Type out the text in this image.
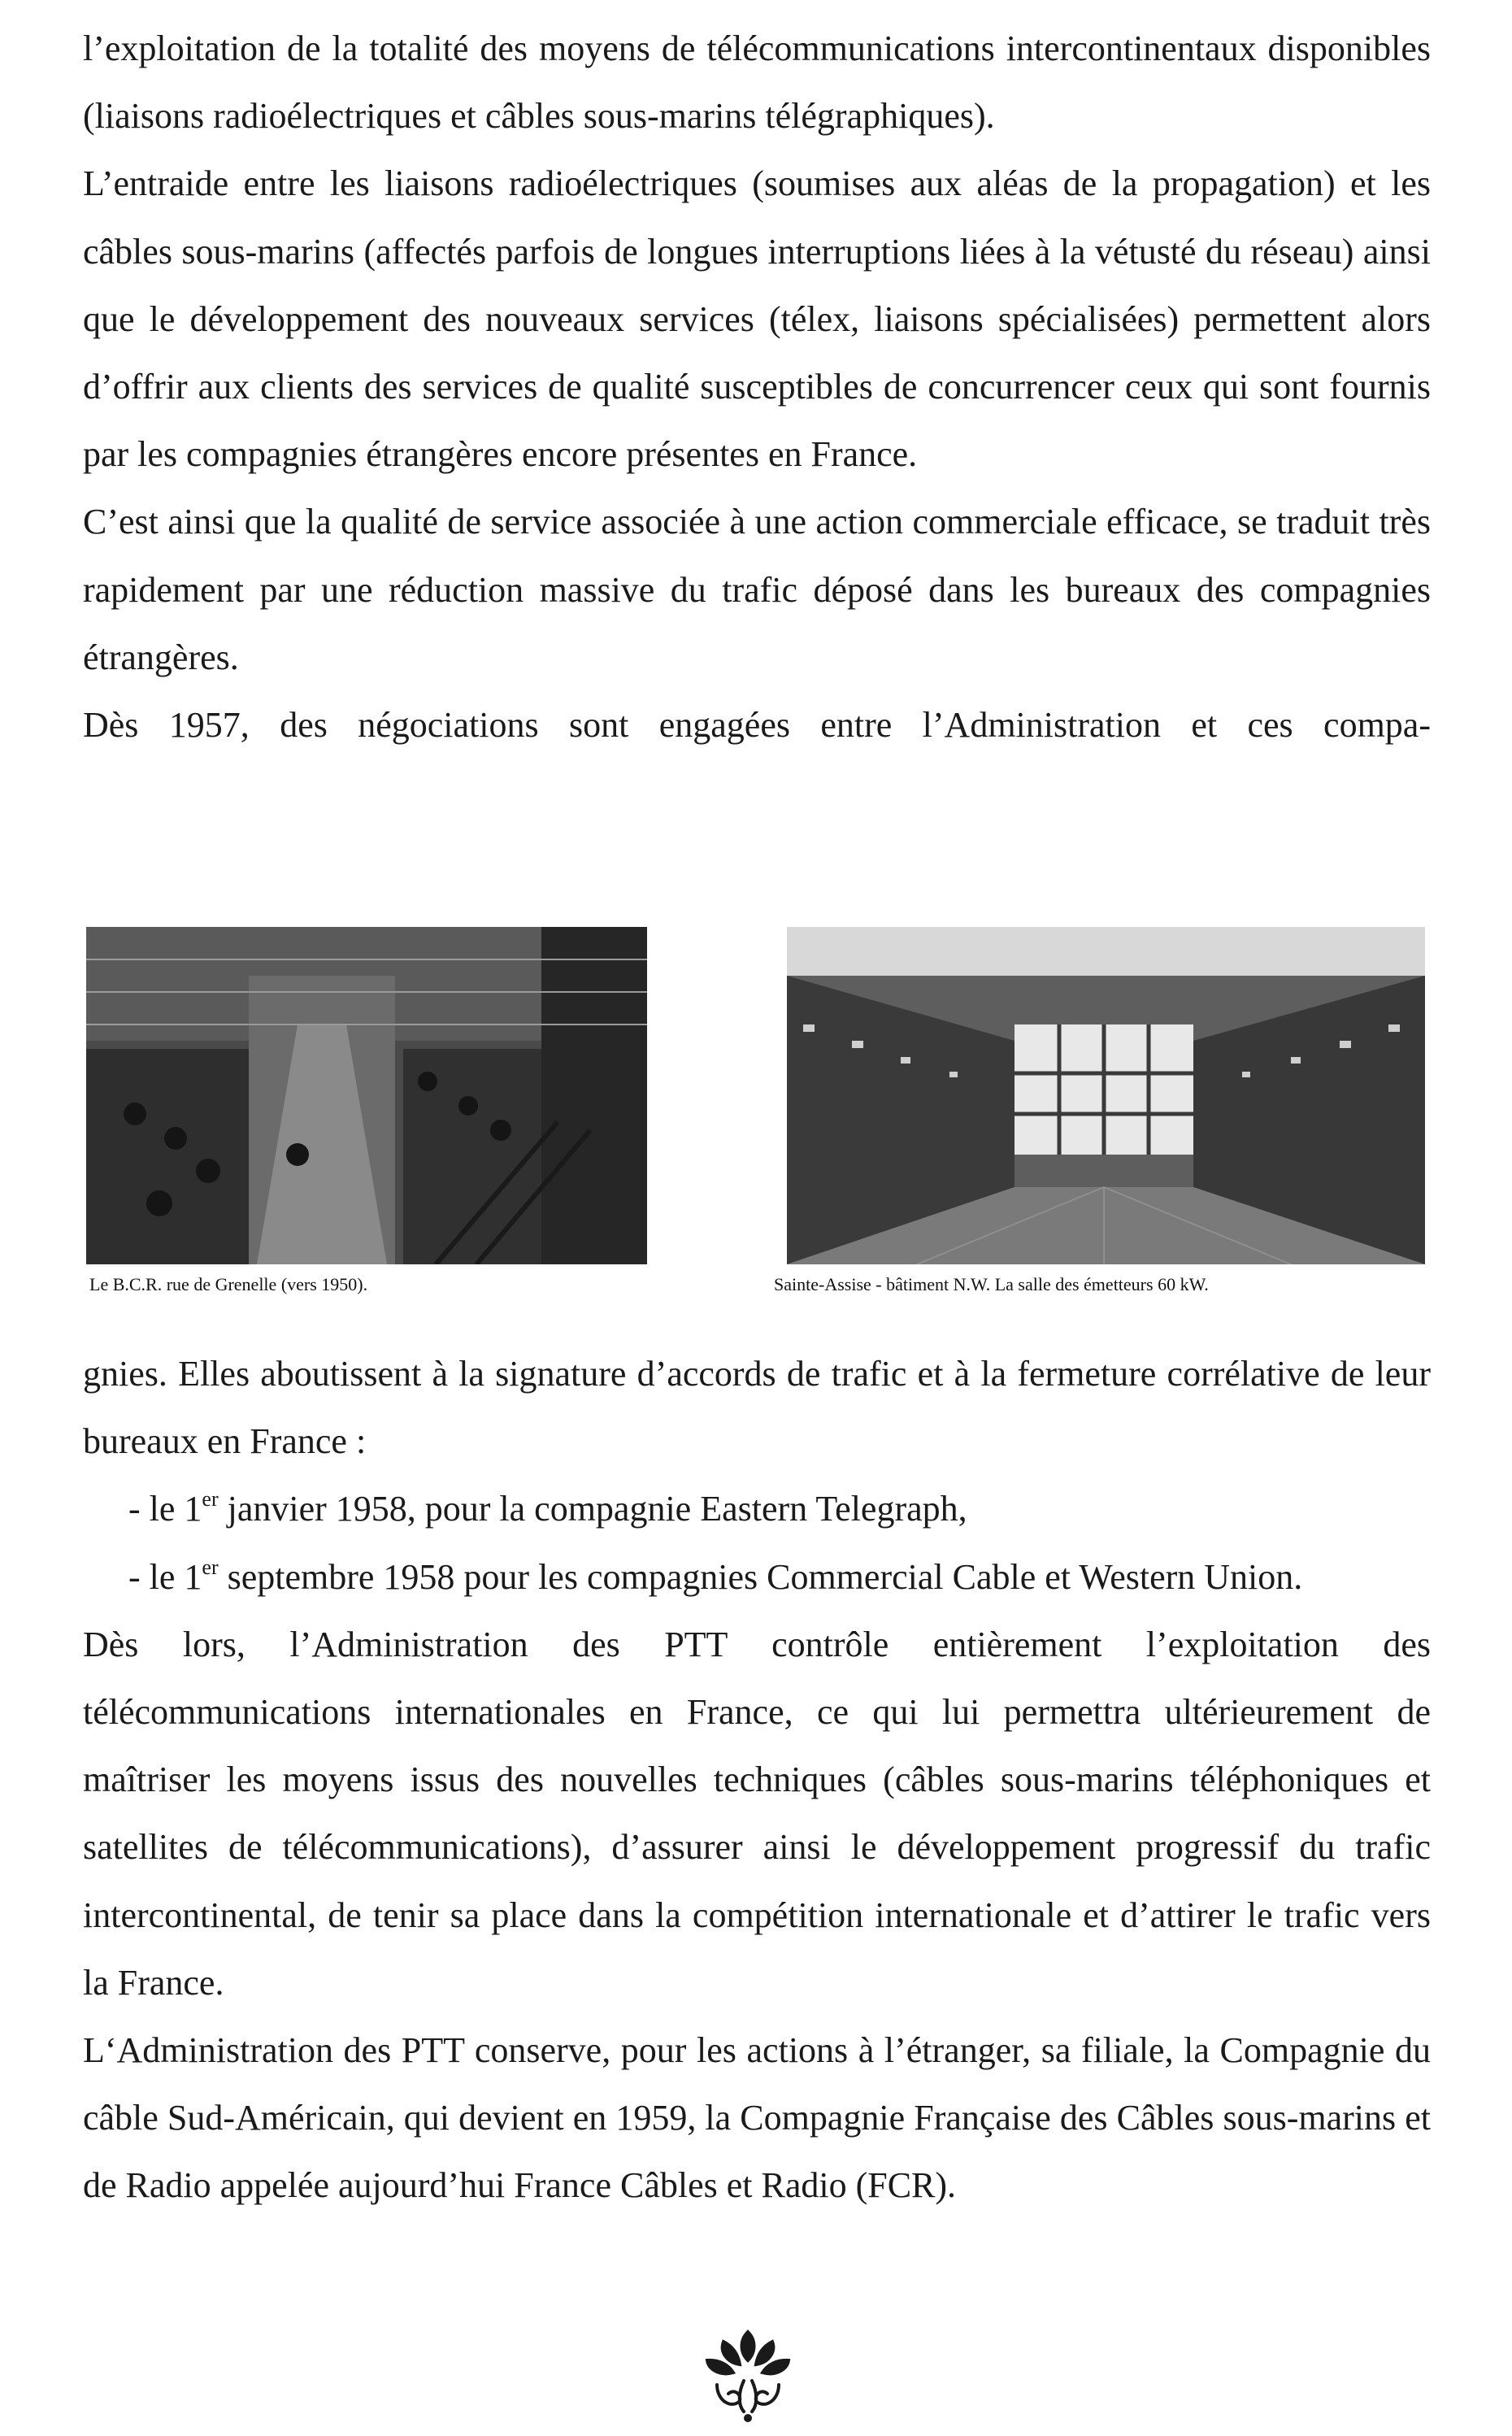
l’exploitation de la totalité des moyens de télécommunications intercontinentaux disponibles (liaisons radioélectriques et câbles sous-marins télégraphiques).

L’entraide entre les liaisons radioélectriques (soumises aux aléas de la propagation) et les câbles sous-marins (affectés parfois de longues interruptions liées à la vétusté du réseau) ainsi que le développement des nouveaux services (télex, liaisons spécialisées) permettent alors d’offrir aux clients des services de qualité susceptibles de concurrencer ceux qui sont fournis par les compagnies étrangères encore présentes en France.

C’est ainsi que la qualité de service associée à une action commerciale efficace, se traduit très rapidement par une réduction massive du trafic déposé dans les bureaux des compagnies étrangères.

Dès 1957, des négociations sont engagées entre l’Administration et ces compa-

Le B.C.R. rue de Grenelle (vers 1950).	Sainte-Assise - bâtiment N.W. La salle des émetteurs 60 kW.

gnies. Elles aboutissent à la signature d’accords de trafic et à la fermeture corrélative de leur bureaux en France :

- le 1er janvier 1958, pour la compagnie Eastern Telegraph,

- le 1er septembre 1958 pour les compagnies Commercial Cable et Western Union.

Dès lors, l’Administration des PTT contrôle entièrement l’exploitation des télécommunications internationales en France, ce qui lui permettra ultérieurement de maîtriser les moyens issus des nouvelles techniques (câbles sous-marins téléphoniques et satellites de télécommunications), d’assurer ainsi le développement progressif du trafic intercontinental, de tenir sa place dans la compétition internationale et d’attirer le trafic vers la France.

L‘Administration des PTT conserve, pour les actions à l’étranger, sa filiale, la Compagnie du câble Sud-Américain, qui devient en 1959, la Compagnie Française des Câbles sous-marins et de Radio appelée aujourd’hui France Câbles et Radio (FCR).
